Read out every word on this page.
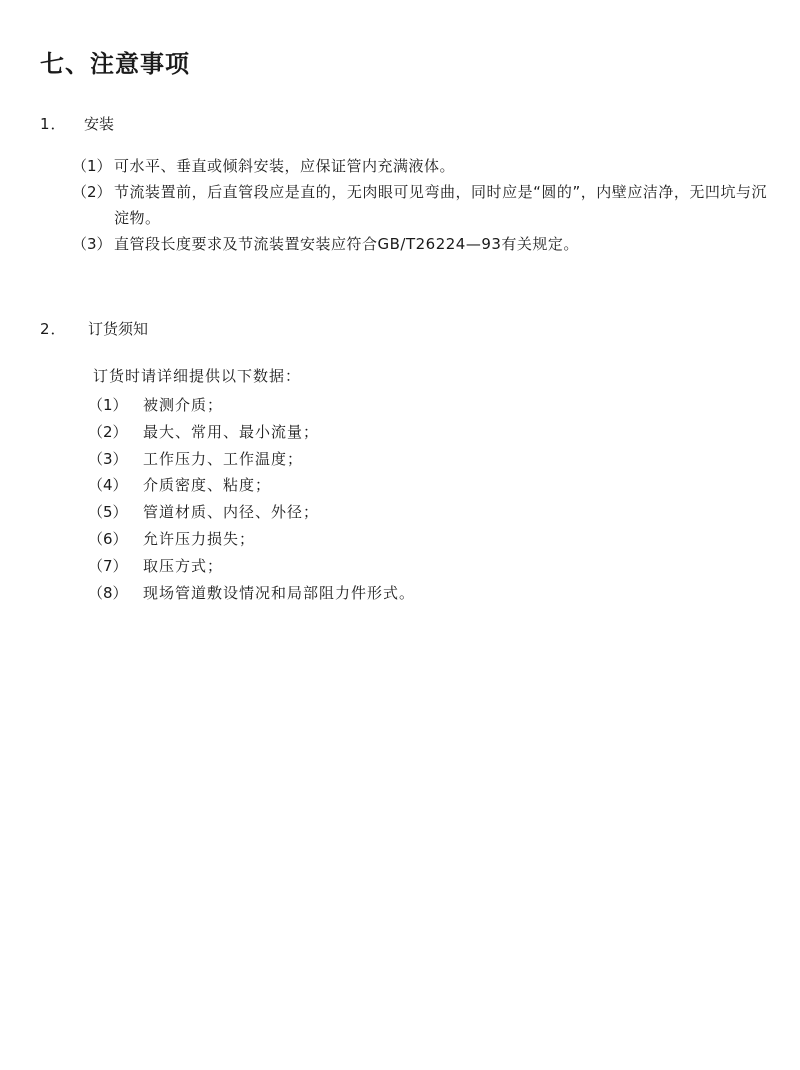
七、注意事项
1． 安装
（1） 可水平、垂直或倾斜安装，应保证管内充满液体。
（2） 节流装置前，后直管段应是直的，无肉眼可见弯曲，同时应是“圆的”，内壁应洁净，无凹坑与沉淀物。
（3） 直管段长度要求及节流装置安装应符合GB/T26224—93有关规定。
2． 订货须知
订货时请详细提供以下数据：
（1）	被测介质；
（2）	最大、常用、最小流量；
（3）	工作压力、工作温度；
（4）	介质密度、粘度；
（5）	管道材质、内径、外径；
（6）	允许压力损失；
（7）	取压方式；
（8）	现场管道敷设情况和局部阻力件形式。
